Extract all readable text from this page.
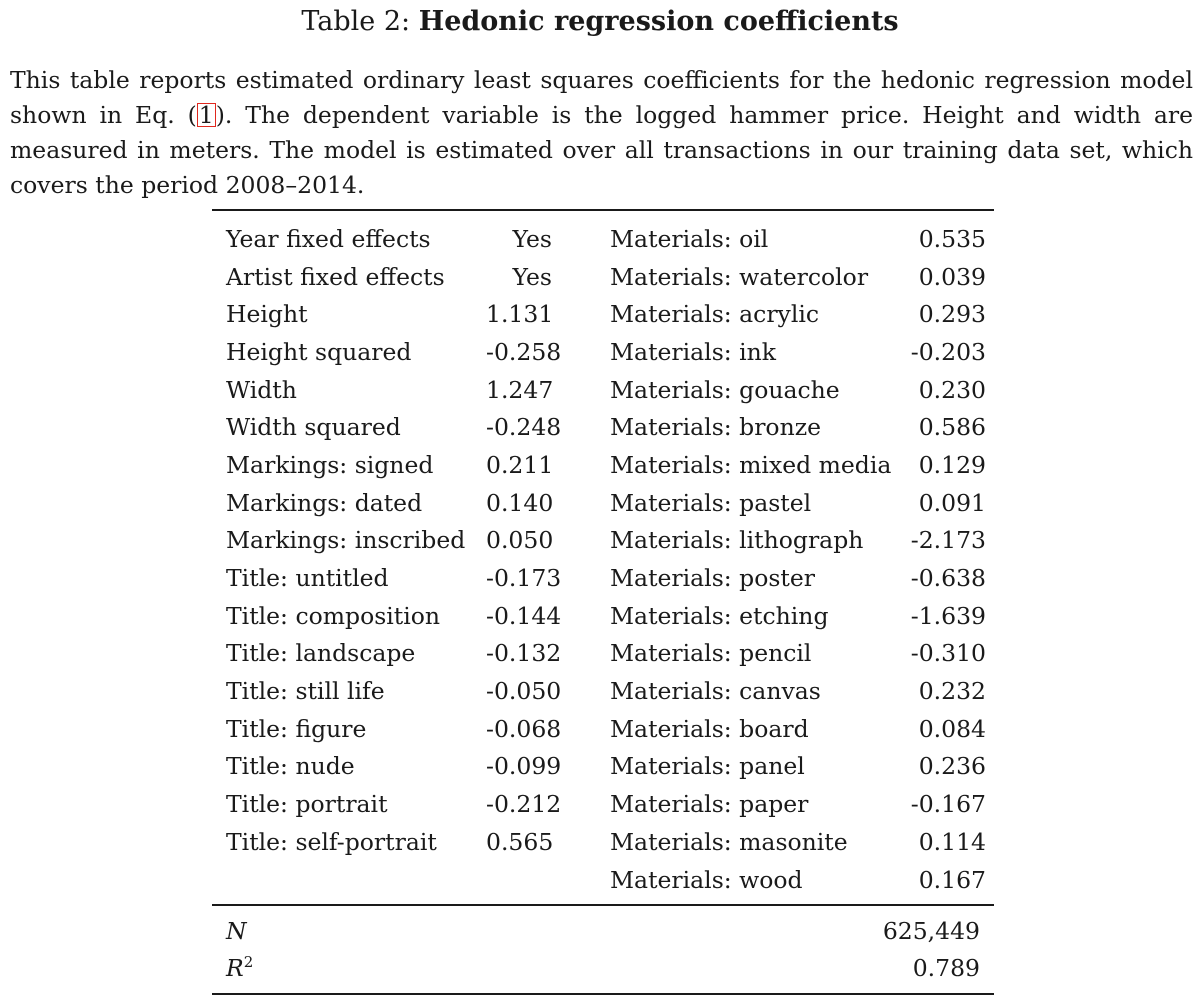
Table 2: Hedonic regression coefficients
This table reports estimated ordinary least squares coefficients for the hedonic regression model shown in Eq. (1). The dependent variable is the logged hammer price. Height and width are measured in meters. The model is estimated over all transactions in our training data set, which covers the period 2008–2014.
Year fixed effects	Yes Materials: oil	0.535
Artist fixed effects	Yes Materials: watercolor	0.039
Height	1.131 Materials: acrylic	0.293
Height squared	-0.258 Materials: ink	-0.203
Width	1.247 Materials: gouache	0.230
Width squared	-0.248 Materials: bronze	0.586
Markings: signed	0.211 Materials: mixed media	0.129
Markings: dated	0.140 Materials: pastel	0.091
Markings: inscribed 0.050 Materials: lithograph	-2.173
Title: untitled	-0.173 Materials: poster	-0.638
Title: composition	-0.144 Materials: etching	-1.639
Title: landscape	-0.132 Materials: pencil	-0.310
Title: still life	-0.050 Materials: canvas	0.232
Title: figure	-0.068 Materials: board	0.084
Title: nude	-0.099 Materials: panel	0.236
Title: portrait	-0.212 Materials: paper	-0.167
Title: self-portrait	0.565 Materials: masonite	0.114
Materials: wood	0.167
N	625,449
$R^2$	0.789
